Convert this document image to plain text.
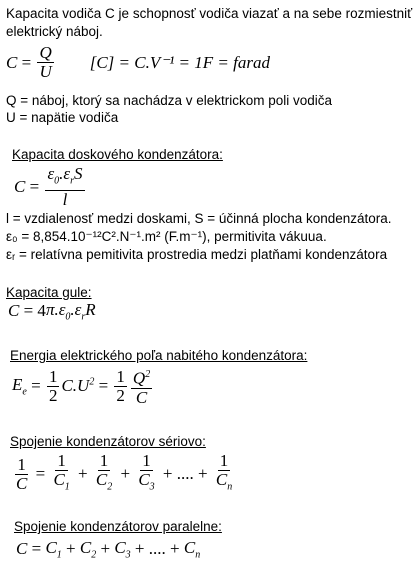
Kapacita vodiča C je schopnosť vodiča viazať a na sebe rozmiestniť
elektrický náboj.
$C = \frac{Q}{U} [C] = C.V^{-1} = 1F$ = farad
Q = náboj, ktorý sa nachádza v elektrickom poli vodiča
U = napätie vodiča
Kapacita doskového kondenzátora:
$C = \frac{\varepsilon_0.\varepsilon_rS}{l}$
l = vzdialenosť medzi doskami, S = účinná plocha kondenzátora.
ε₀ = 8,854.10⁻¹²C².N⁻¹.m² (F.m⁻¹), permitivita vákuua.
εᵣ = relatívna pemitivita prostredia medzi platňami kondenzátora
Kapacita gule:
C = 4 $\pi.\varepsilon_0.\varepsilon_rR$
Energia elektrického poľa nabitého kondenzátora:
$E_e = \frac{1}{2} C.U^2 = \frac{1}{2} \frac{Q^2}{C}$
Spojenie kondenzátorov sériovo:
$\frac{1}{C} = \frac{1}{C_1} + \frac{1}{C_2} + \frac{1}{C_3}$ + .... + $\frac{1}{C_n}$
Spojenie kondenzátorov paralelne:
$C = C_1 + C_2 + C_3$ + .... + $C_n$
